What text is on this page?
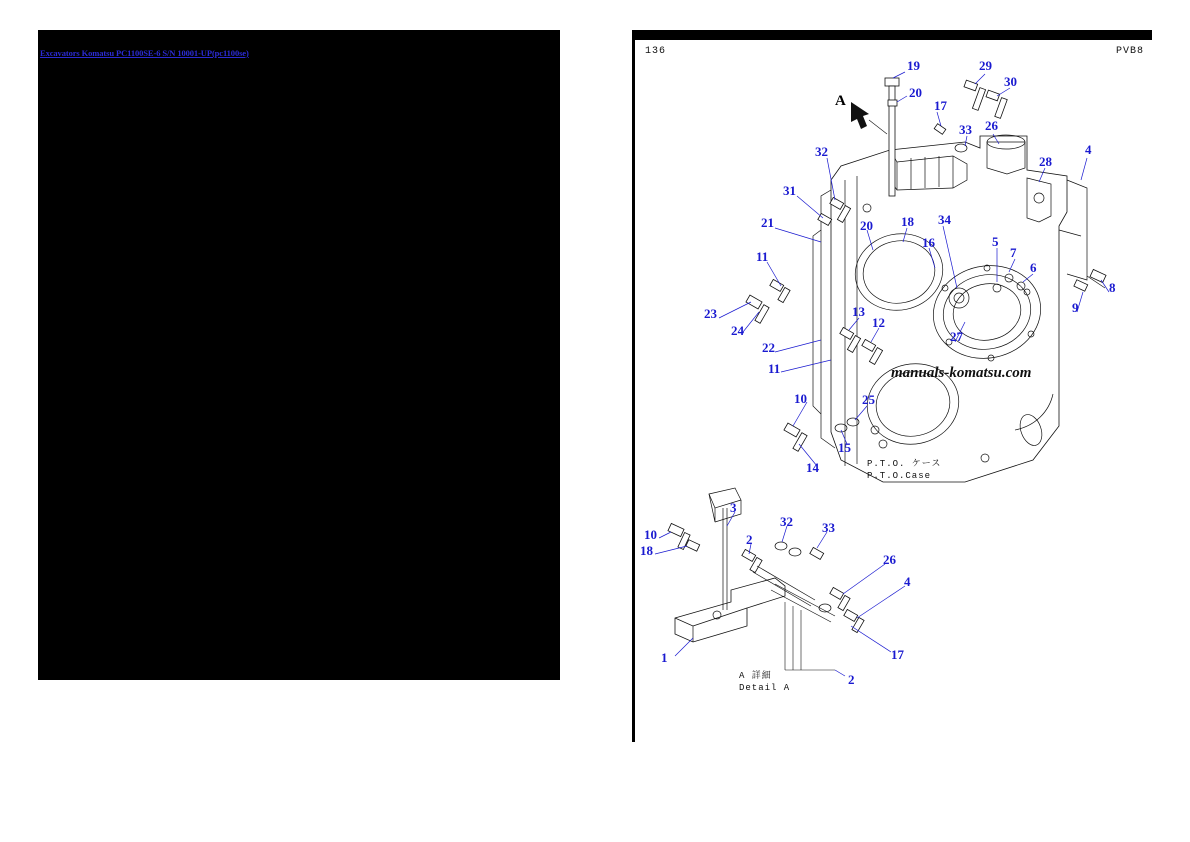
Excavators Komatsu PC1100SE-6 S/N 10001-UP(pc1100se)	136	PVB8
A
19
20
17
29
30
33 26
28
4
32
31
21	20 18 34
16	5
7
6
8
9
11
23
24
13
12
22
27
11
10	25
15
14	P.T.O. ケース
P.T.O.Case
manuals-komatsu.com
3
10
18
2
32 33
26
4
17
2
1
A 詳細
Detail A
